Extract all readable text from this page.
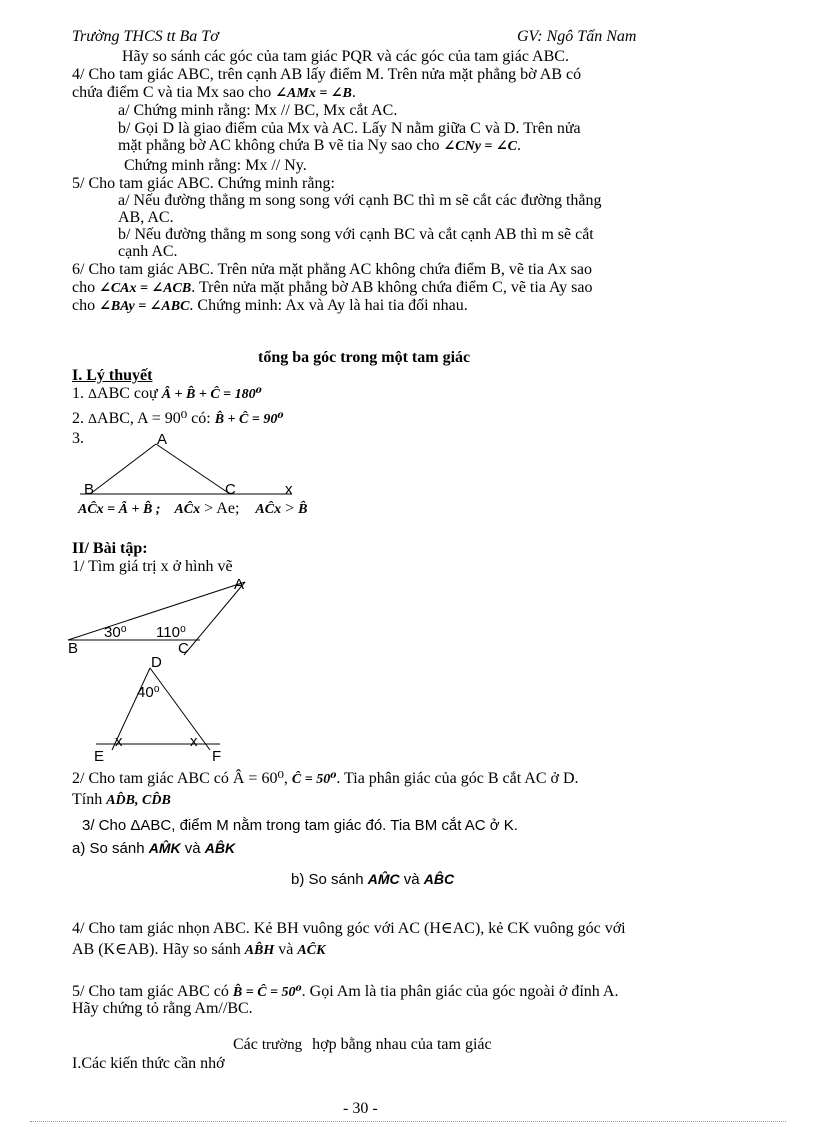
Trường THCS tt Ba Tơ	GV: Ngô Tấn Nam
Hãy so sánh các góc của tam giác PQR và các góc của tam giác ABC.
4/ Cho tam giác ABC, trên cạnh AB lấy điểm M. Trên nửa mặt phẳng bờ AB có
chứa điểm C và tia Mx sao cho ∠AMx = ∠B.
a/ Chứng minh rằng: Mx // BC, Mx cắt AC.
b/ Gọi D là giao điểm của Mx và AC. Lấy N nằm giữa C và D. Trên nửa
mặt phẳng bờ AC không chứa B vẽ tia Ny sao cho ∠CNy = ∠C.
Chứng minh rằng: Mx // Ny.
5/ Cho tam giác ABC. Chứng minh rằng:
a/ Nếu đường thẳng m song song với cạnh BC thì m sẽ cắt các đường thẳng
AB, AC.
b/ Nếu đường thẳng m song song với cạnh BC và cắt cạnh AB thì m sẽ cắt
cạnh AC.
6/ Cho tam giác ABC. Trên nửa mặt phẳng AC không chứa điểm B, vẽ tia Ax sao
cho ∠CAx = ∠ACB. Trên nửa mặt phẳng bờ AB không chứa điểm C, vẽ tia Ay sao
cho ∠BAy = ∠ABC. Chứng minh: Ax và Ay là hai tia đối nhau.
tổng ba góc trong một tam giác
I. Lý thuyết
1. ΔABC coự Â + B̂ + Ĉ = 180⁰
2. ΔABC, A = 90⁰ có: B̂ + Ĉ = 90⁰
3.	A
B	C	x
AĈx = Â + B̂ ; AĈx > Ae; AĈx > B̂
II/ Bài tập:
1/ Tìm giá trị x ở hình vẽ
A
B	C
30⁰ 110⁰
D
40⁰
E	F
x	x
2/ Cho tam giác ABC có Â = 60⁰, Ĉ = 50⁰. Tia phân giác của góc B cắt AC ở D.
Tính AD̂B, CD̂B
3/ Cho ΔABC, điểm M nằm trong tam giác đó. Tia BM cắt AC ở K.
a) So sánh AM̂K và AB̂K
b) So sánh AM̂C và AB̂C
4/ Cho tam giác nhọn ABC. Kẻ BH vuông góc với AC (H∈AC), kẻ CK vuông góc với
AB (K∈AB). Hãy so sánh AB̂H và AĈK
5/ Cho tam giác ABC có B̂ = Ĉ = 50⁰. Gọi Am là tia phân giác của góc ngoài ở đỉnh A.
Hãy chứng tỏ rằng Am//BC.
Các trường hợp bằng nhau của tam giác
I.Các kiến thức cần nhớ
- 30 -
